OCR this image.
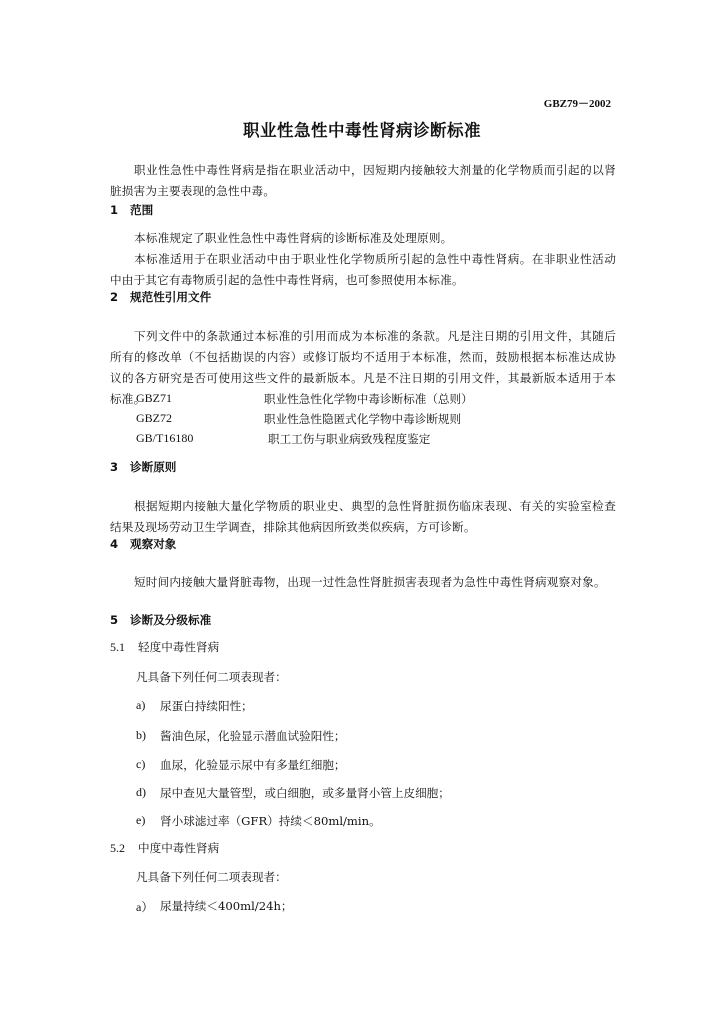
GBZ79－2002
职业性急性中毒性肾病诊断标准

职业性急性中毒性肾病是指在职业活动中，因短期内接触较大剂量的化学物质而引起的以肾脏损害为主要表现的急性中毒。

1 范围

本标准规定了职业性急性中毒性肾病的诊断标准及处理原则。

本标准适用于在职业活动中由于职业性化学物质所引起的急性中毒性肾病。在非职业性活动中由于其它有毒物质引起的急性中毒性肾病，也可参照使用本标准。

2 规范性引用文件

下列文件中的条款通过本标准的引用而成为本标准的条款。凡是注日期的引用文件，其随后所有的修改单（不包括勘误的内容）或修订版均不适用于本标准，然而，鼓励根据本标准达成协议的各方研究是否可使用这些文件的最新版本。凡是不注日期的引用文件，其最新版本适用于本标准。

GBZ71	职业性急性化学物中毒诊断标准（总则）
GBZ72	职业性急性隐匿式化学物中毒诊断规则
GB/T16180	职工工伤与职业病致残程度鉴定
3 诊断原则

根据短期内接触大量化学物质的职业史、典型的急性肾脏损伤临床表现、有关的实验室检查结果及现场劳动卫生学调查，排除其他病因所致类似疾病，方可诊断。

4 观察对象

短时间内接触大量肾脏毒物，出现一过性急性肾脏损害表现者为急性中毒性肾病观察对象。

5 诊断及分级标准
5.1 轻度中毒性肾病
凡具备下列任何二项表现者：
a) 尿蛋白持续阳性；
b) 酱油色尿，化验显示潜血试验阳性；
c) 血尿，化验显示尿中有多量红细胞；
d) 尿中查见大量管型，或白细胞，或多量肾小管上皮细胞；
e) 肾小球滤过率（GFR）持续＜80ml/min。
5.2 中度中毒性肾病
凡具备下列任何二项表现者：
a） 尿量持续＜400ml/24h；
